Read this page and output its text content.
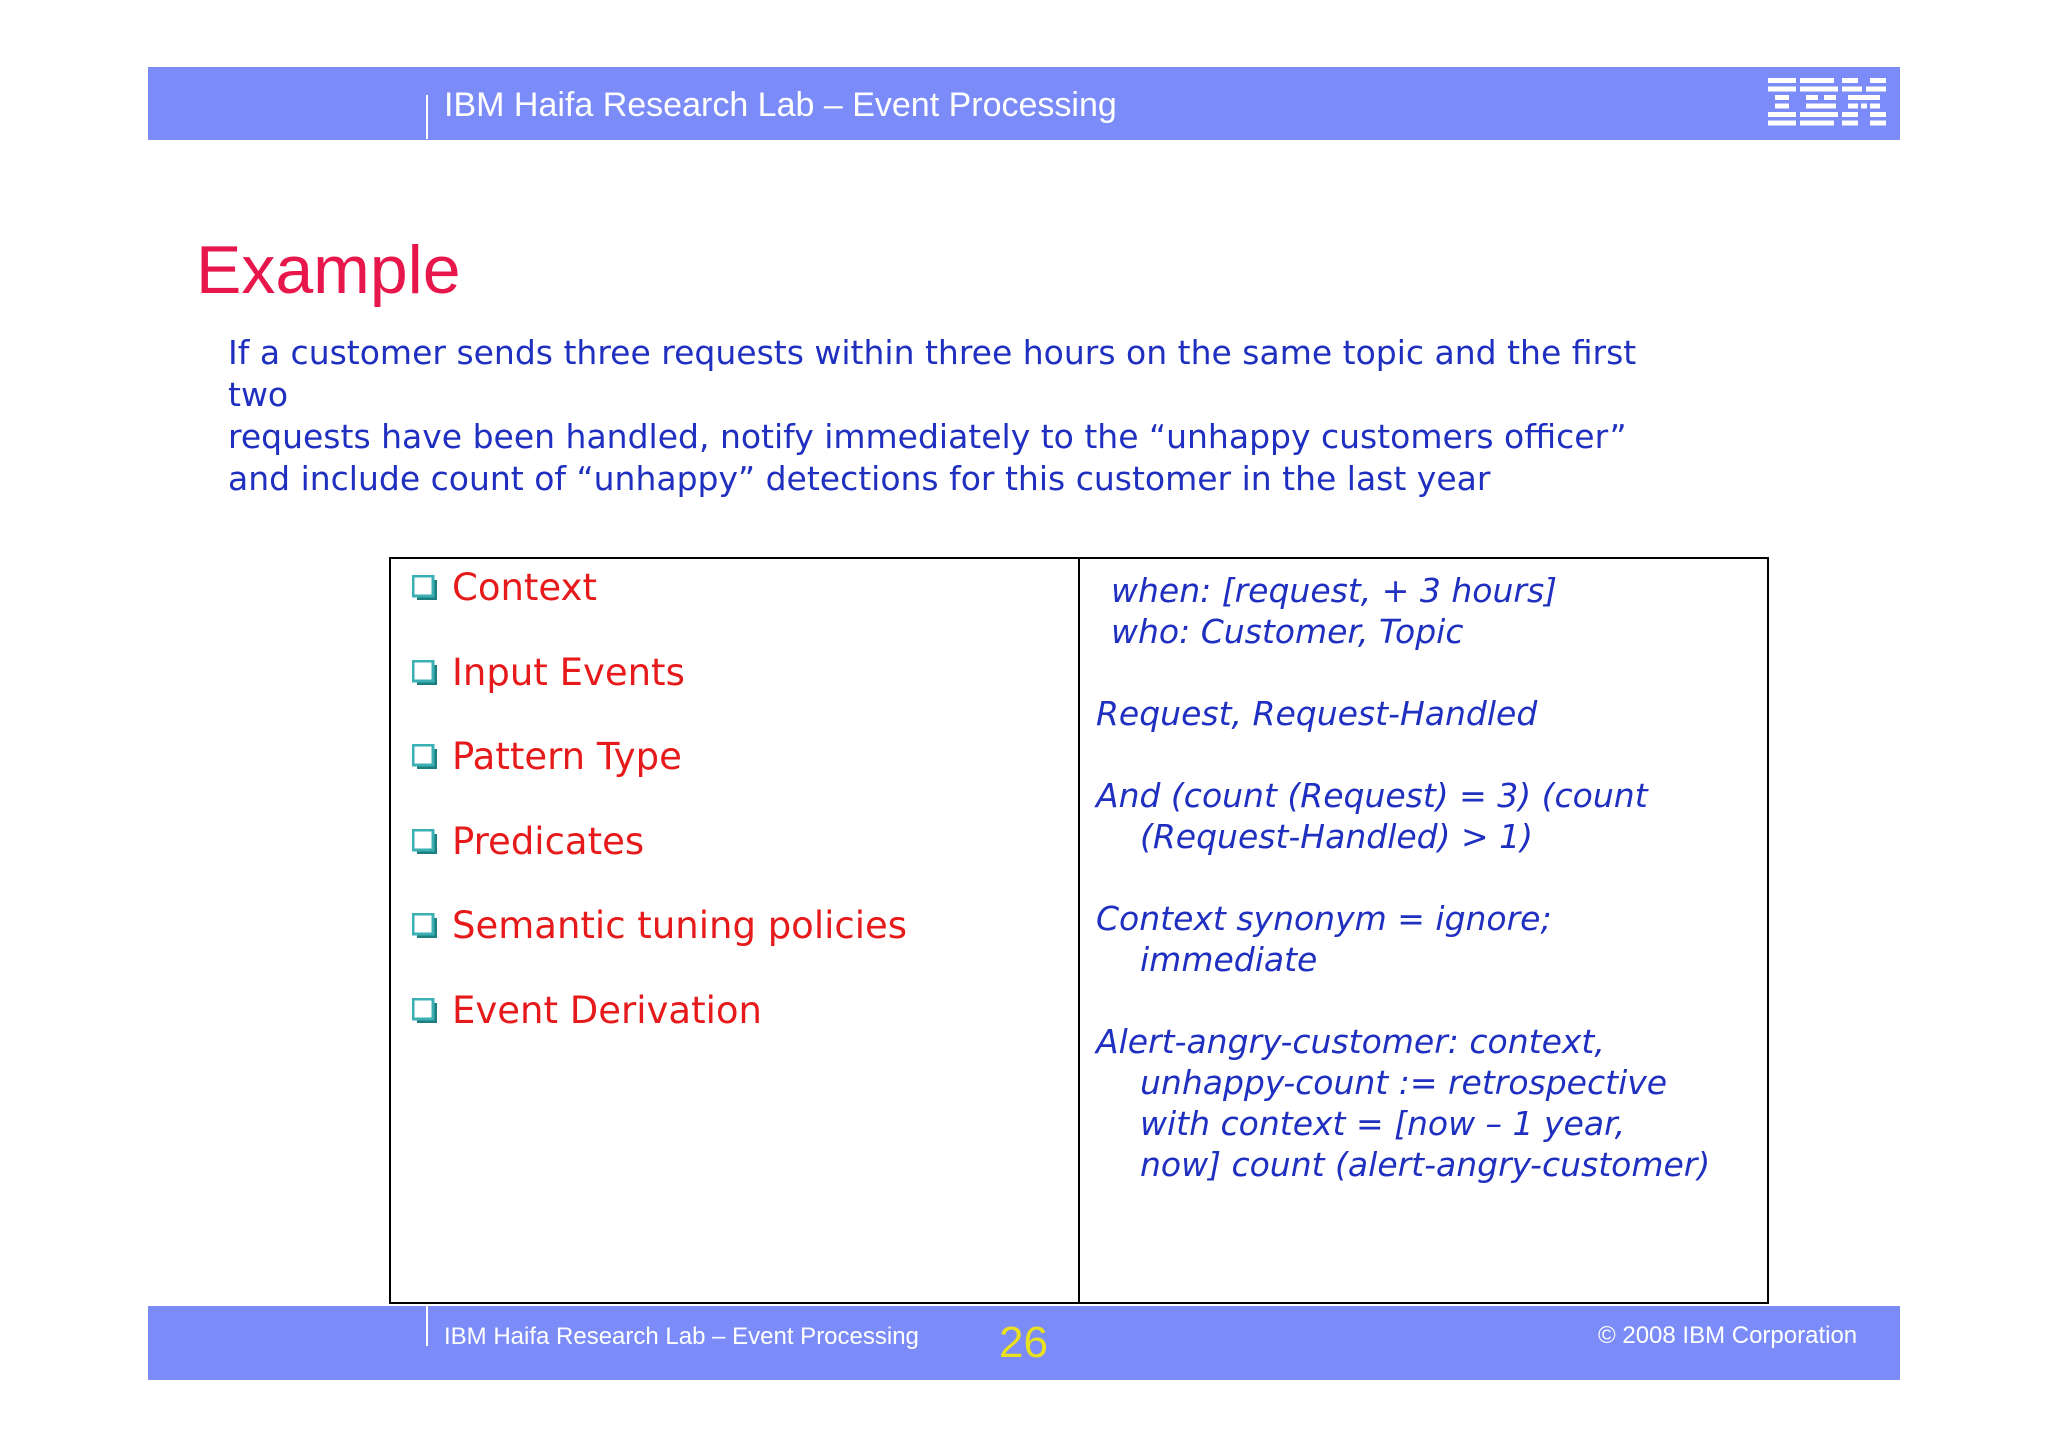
IBM Haifa Research Lab – Event Processing
Example
If a customer sends three requests within three hours on the same topic and the first
two
requests have been handled, notify immediately to the “unhappy customers officer”
and include count of “unhappy” detections for this customer in the last year
Context
Input Events
Pattern Type
Predicates
Semantic tuning policies
Event Derivation
when: [request, + 3 hours]
who: Customer, Topic
Request, Request-Handled
And (count (Request) = 3) (count
(Request-Handled) > 1)
Context synonym = ignore;
immediate
Alert-angry-customer: context,
unhappy-count := retrospective
with context = [now – 1 year,
now] count (alert-angry-customer)
IBM Haifa Research Lab – Event Processing 26	© 2008 IBM Corporation
